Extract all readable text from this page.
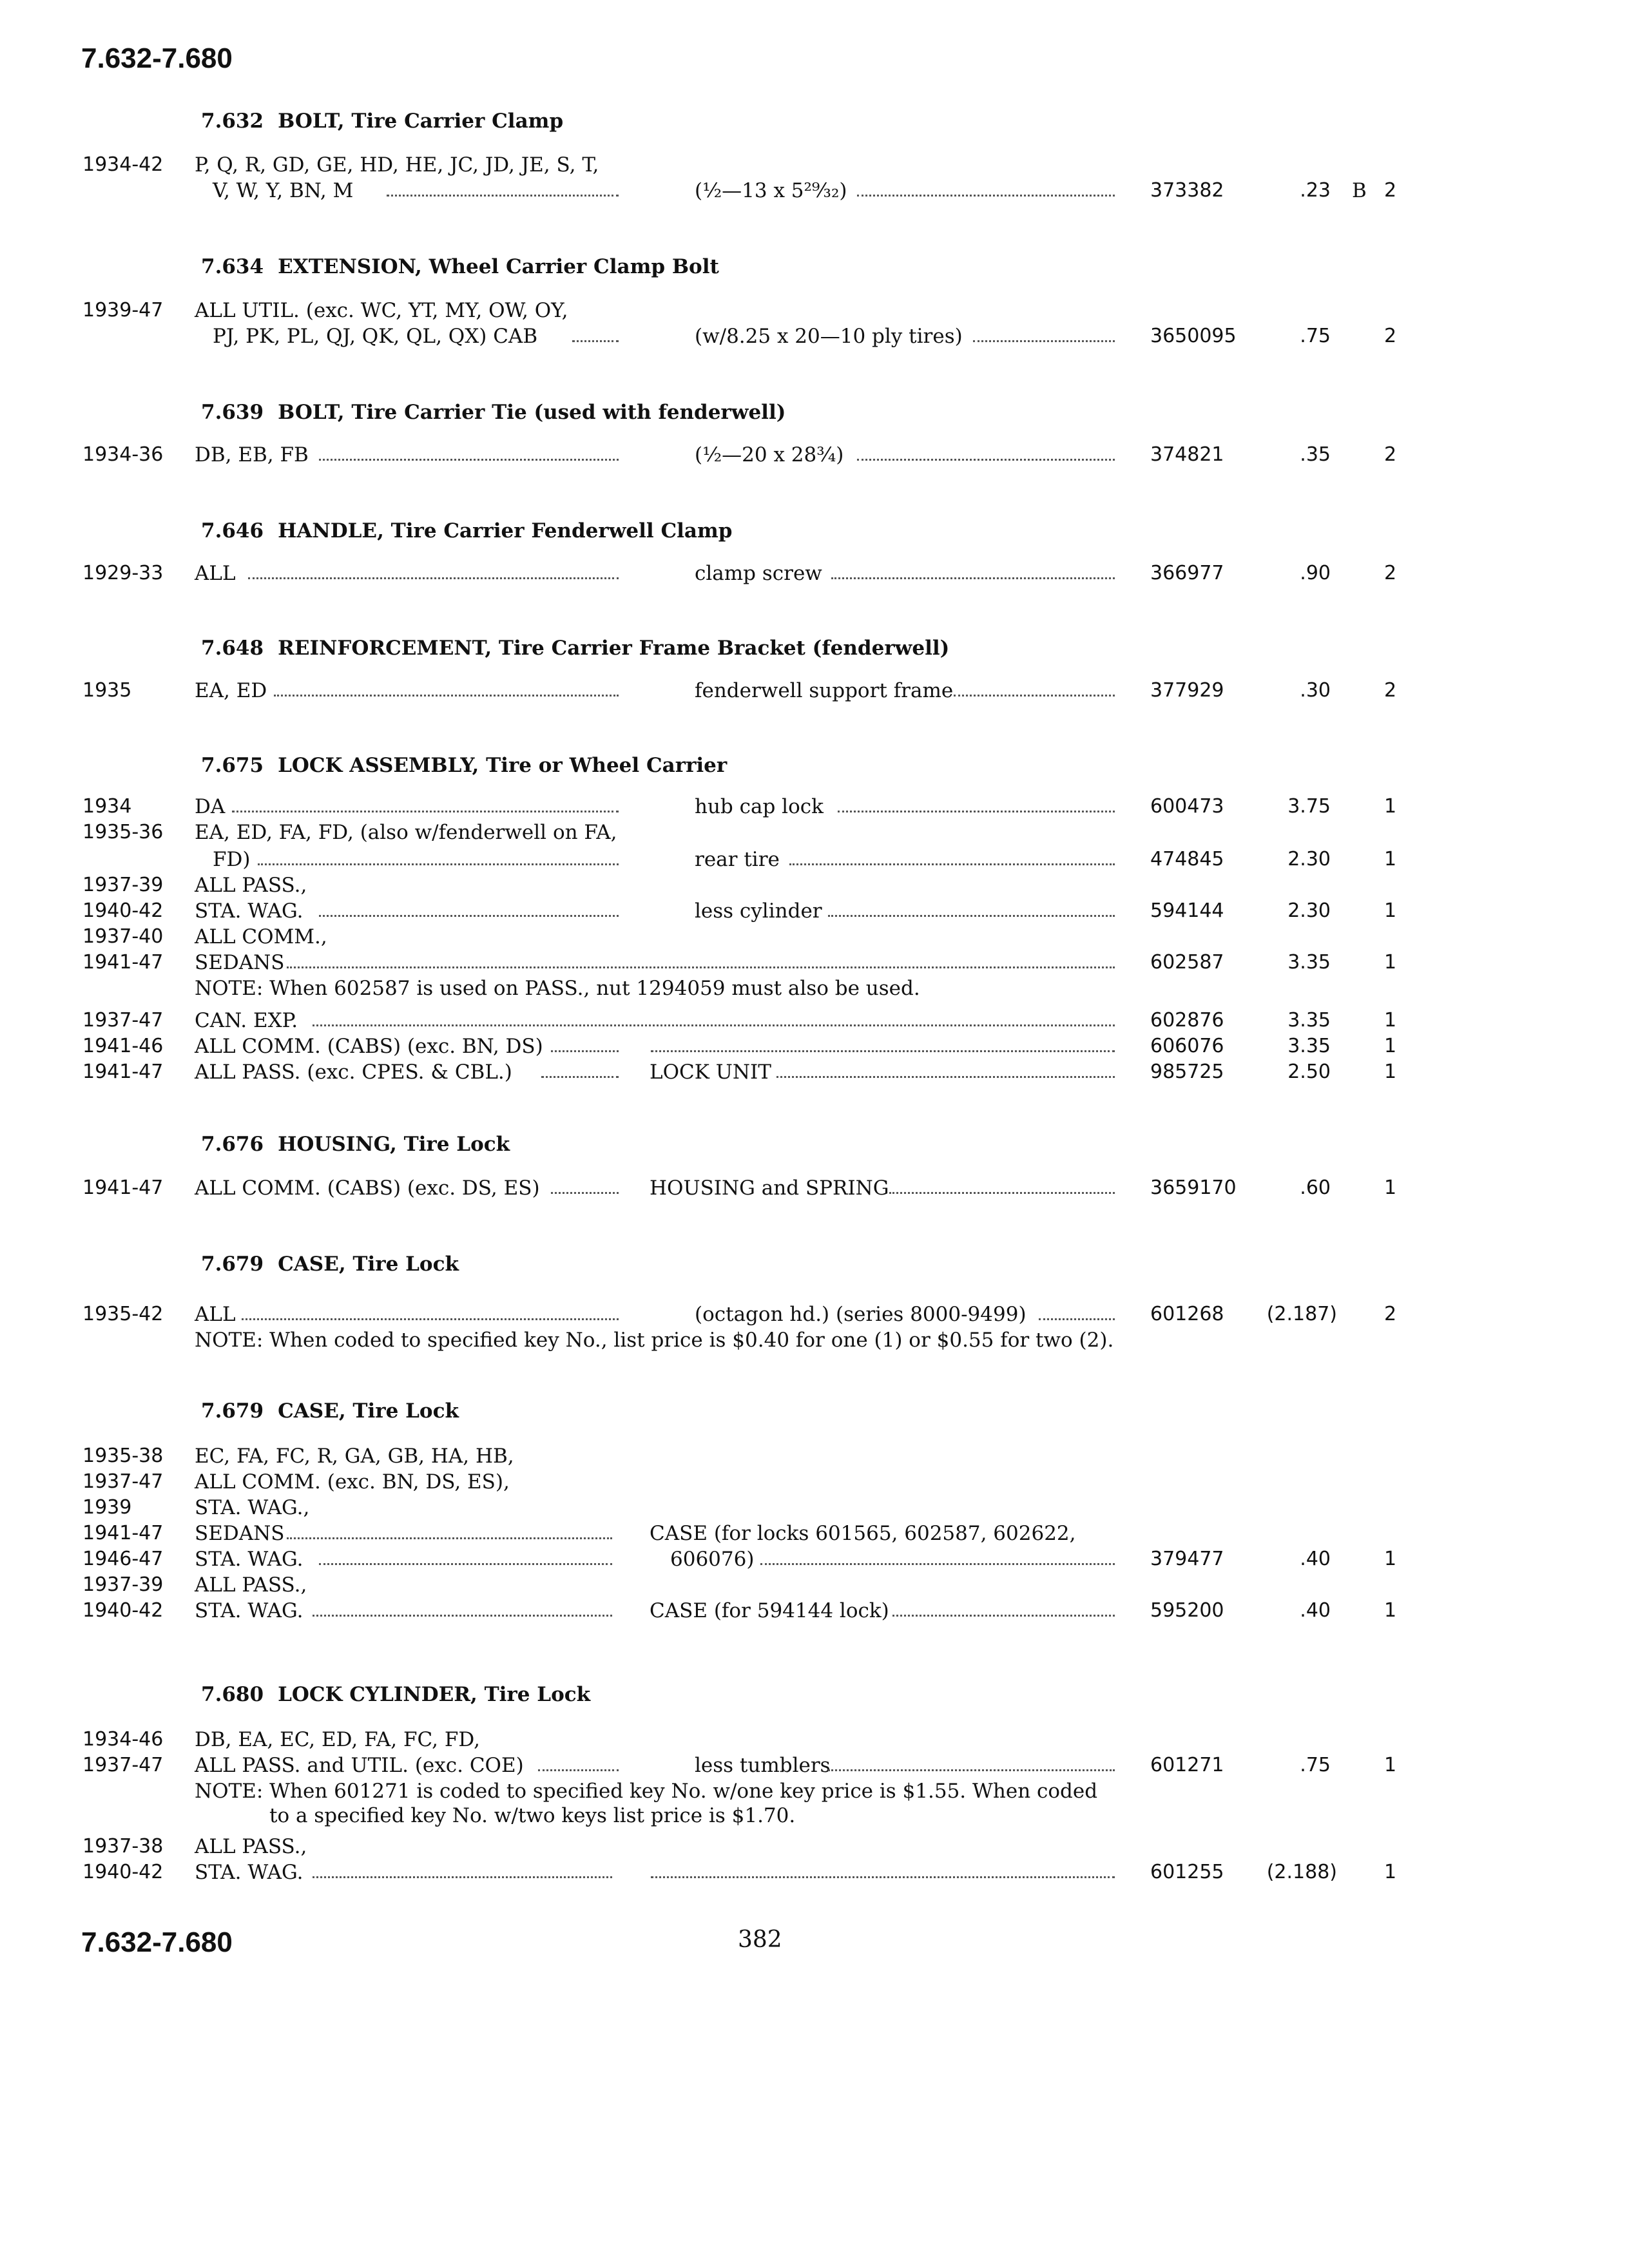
7.632-7.680
7.632 BOLT, Tire Carrier Clamp
1934-42 P, Q, R, GD, GE, HD, HE, JC, JD, JE, S, T,
V, W, Y, BN, M	(½—13 x 5²⁹⁄₃₂)	373382	.23 B 2
7.634 EXTENSION, Wheel Carrier Clamp Bolt
1939-47 ALL UTIL. (exc. WC, YT, MY, OW, OY,
PJ, PK, PL, QJ, QK, QL, QX) CAB	(w/8.25 x 20—10 ply tires)	3650095	.75	2
7.639 BOLT, Tire Carrier Tie (used with fenderwell)
1934-36 DB, EB, FB	(½—20 x 28¾)	374821	.35	2
7.646 HANDLE, Tire Carrier Fenderwell Clamp
1929-33 ALL	clamp screw	366977	.90	2
7.648 REINFORCEMENT, Tire Carrier Frame Bracket (fenderwell)
1935	EA, ED	fenderwell support frame	377929	.30	2
7.675 LOCK ASSEMBLY, Tire or Wheel Carrier
1934	DA	hub cap lock	600473	3.75	1
1935-36 EA, ED, FA, FD, (also w/fenderwell on FA,
FD)	rear tire	474845	2.30	1
1937-39 ALL PASS.,
1940-42 STA. WAG.	less cylinder	594144	2.30	1
1937-40 ALL COMM.,
1941-47 SEDANS	602587	3.35	1
NOTE: When 602587 is used on PASS., nut 1294059 must also be used.
1937-47 CAN. EXP.	602876	3.35	1
1941-46 ALL COMM. (CABS) (exc. BN, DS)	606076	3.35	1
1941-47 ALL PASS. (exc. CPES. & CBL.)	LOCK UNIT	985725	2.50	1
7.676 HOUSING, Tire Lock
1941-47 ALL COMM. (CABS) (exc. DS, ES)	HOUSING and SPRING	3659170	.60	1
7.679 CASE, Tire Lock
1935-42 ALL	(octagon hd.) (series 8000-9499)	601268	(2.187) 2
NOTE: When coded to specified key No., list price is $0.40 for one (1) or $0.55 for two (2).
7.679 CASE, Tire Lock
1935-38 EC, FA, FC, R, GA, GB, HA, HB,
1937-47 ALL COMM. (exc. BN, DS, ES),
1939	STA. WAG.,
1941-47 SEDANS	CASE (for locks 601565, 602587, 602622,
1946-47 STA. WAG.	606076)	379477	.40	1
1937-39 ALL PASS.,
1940-42 STA. WAG.	CASE (for 594144 lock)	595200	.40	1
7.680 LOCK CYLINDER, Tire Lock
1934-46 DB, EA, EC, ED, FA, FC, FD,
1937-47 ALL PASS. and UTIL. (exc. COE)	less tumblers	601271	.75	1
NOTE: When 601271 is coded to specified key No. w/one key price is $1.55. When coded
to a specified key No. w/two keys list price is $1.70.
1937-38 ALL PASS.,
1940-42 STA. WAG.	601255	(2.188) 1
7.632-7.680	382
